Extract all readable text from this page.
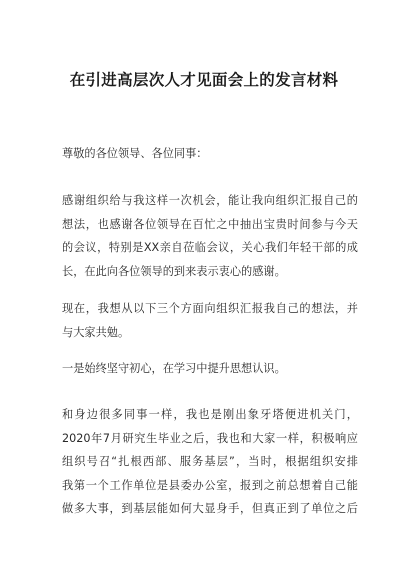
在引进高层次人才见面会上的发言材料

尊敬的各位领导、各位同事：

感谢组织给与我这样一次机会，能让我向组织汇报自己的
想法，也感谢各位领导在百忙之中抽出宝贵时间参与今天
的会议，特别是XX亲自莅临会议，关心我们年轻干部的成
长，在此向各位领导的到来表示衷心的感谢。

现在，我想从以下三个方面向组织汇报我自己的想法，并
与大家共勉。

一是始终坚守初心，在学习中提升思想认识。

和身边很多同事一样，我也是刚出象牙塔便进机关门，
2020年7月研究生毕业之后，我也和大家一样，积极响应
组织号召“扎根西部、服务基层”，当时，根据组织安排
我第一个工作单位是县委办公室，报到之前总想着自己能
做多大事，到基层能如何大显身手，但真正到了单位之后
